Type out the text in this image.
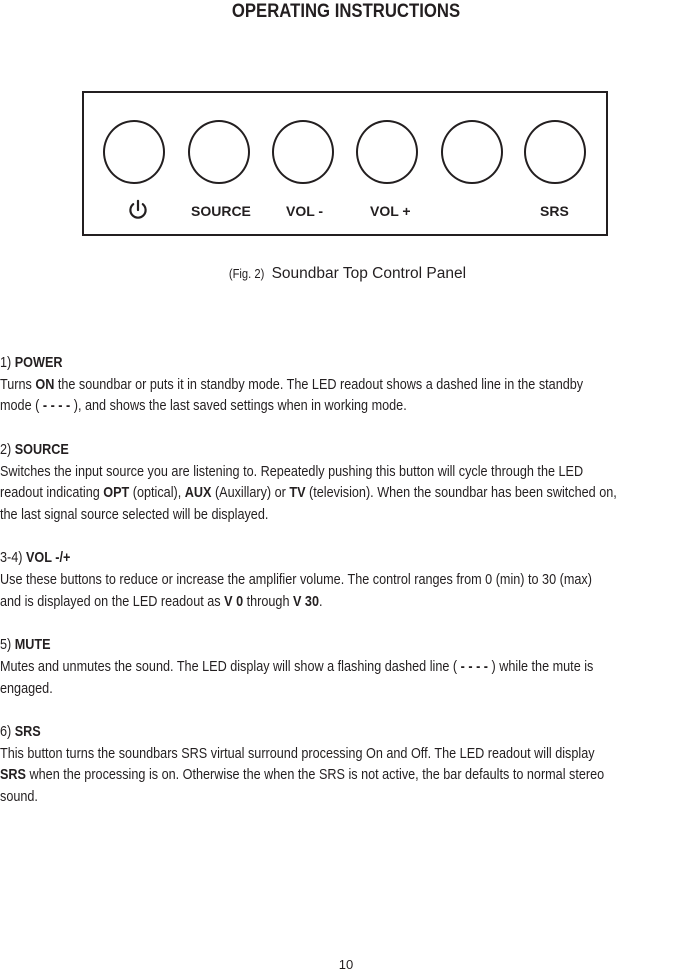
OPERATING INSTRUCTIONS
SOURCE	VOL -	VOL +	SRS
(Fig. 2) Soundbar Top Control Panel

1) POWER

Turns ON the soundbar or puts it in standby mode. The LED readout shows a dashed line in the standby

mode ( - - - - ), and shows the last saved settings when in working mode.

2) SOURCE

Switches the input source you are listening to. Repeatedly pushing this button will cycle through the LED

readout indicating OPT (optical), AUX (Auxillary) or TV (television). When the soundbar has been switched on,

the last signal source selected will be displayed.

3-4) VOL -/+

Use these buttons to reduce or increase the amplifier volume. The control ranges from 0 (min) to 30 (max)

and is displayed on the LED readout as V 0 through V 30.

5) MUTE

Mutes and unmutes the sound. The LED display will show a flashing dashed line ( - - - - ) while the mute is

engaged.

6) SRS

This button turns the soundbars SRS virtual surround processing On and Off. The LED readout will display

SRS when the processing is on. Otherwise the when the SRS is not active, the bar defaults to normal stereo

sound.

10
